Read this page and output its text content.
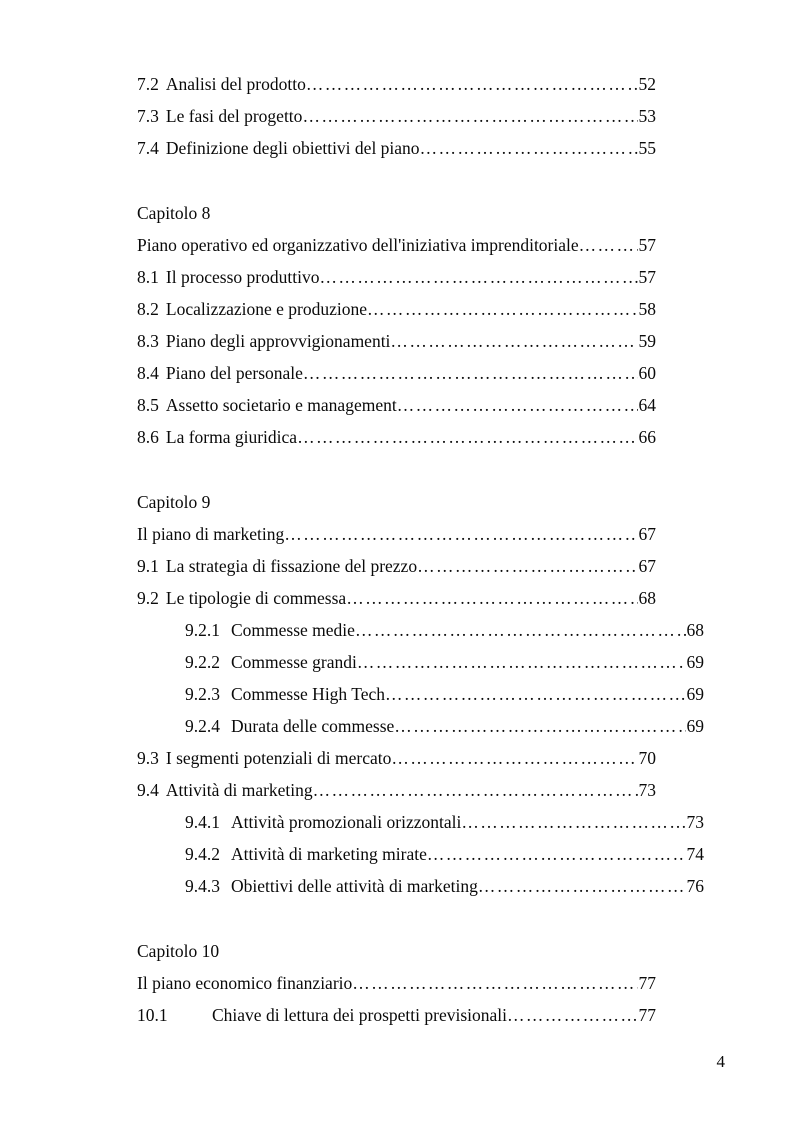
7.2 Analisi del prodotto ……………………………………………………………………………………………………………………………………………………	52
7.3 Le fasi del progetto ……………………………………………………………………………………………………………………………………………………	53
7.4 Definizione degli obiettivi del piano ……………………………………………………………………………………………………………………………………………………	55
Capitolo 8
Piano operativo ed organizzativo dell'iniziativa imprenditoriale ……………………………………………………………………………………………………………………………………………………	57
8.1 Il processo produttivo ……………………………………………………………………………………………………………………………………………………	57
8.2 Localizzazione e produzione ……………………………………………………………………………………………………………………………………………………	58
8.3 Piano degli approvvigionamenti ……………………………………………………………………………………………………………………………………………………	59
8.4 Piano del personale ……………………………………………………………………………………………………………………………………………………	60
8.5 Assetto societario e management ……………………………………………………………………………………………………………………………………………………	64
8.6 La forma giuridica ……………………………………………………………………………………………………………………………………………………	66
Capitolo 9
Il piano di marketing ……………………………………………………………………………………………………………………………………………………	67
9.1 La strategia di fissazione del prezzo ……………………………………………………………………………………………………………………………………………………	67
9.2 Le tipologie di commessa ……………………………………………………………………………………………………………………………………………………	68
9.2.1 Commesse medie ……………………………………………………………………………………………………………………………………………………	68
9.2.2 Commesse grandi ……………………………………………………………………………………………………………………………………………………	69
9.2.3 Commesse High Tech ……………………………………………………………………………………………………………………………………………………	69
9.2.4 Durata delle commesse ……………………………………………………………………………………………………………………………………………………	69
9.3 I segmenti potenziali di mercato ……………………………………………………………………………………………………………………………………………………	70
9.4 Attività di marketing ……………………………………………………………………………………………………………………………………………………	73
9.4.1 Attività promozionali orizzontali ……………………………………………………………………………………………………………………………………………………	73
9.4.2 Attività di marketing mirate ……………………………………………………………………………………………………………………………………………………	74
9.4.3 Obiettivi delle attività di marketing ……………………………………………………………………………………………………………………………………………………	76
Capitolo 10
Il piano economico finanziario ……………………………………………………………………………………………………………………………………………………	77
10.1	Chiave di lettura dei prospetti previsionali ……………………………………………………………………………………………………………………………………………………	77
4
